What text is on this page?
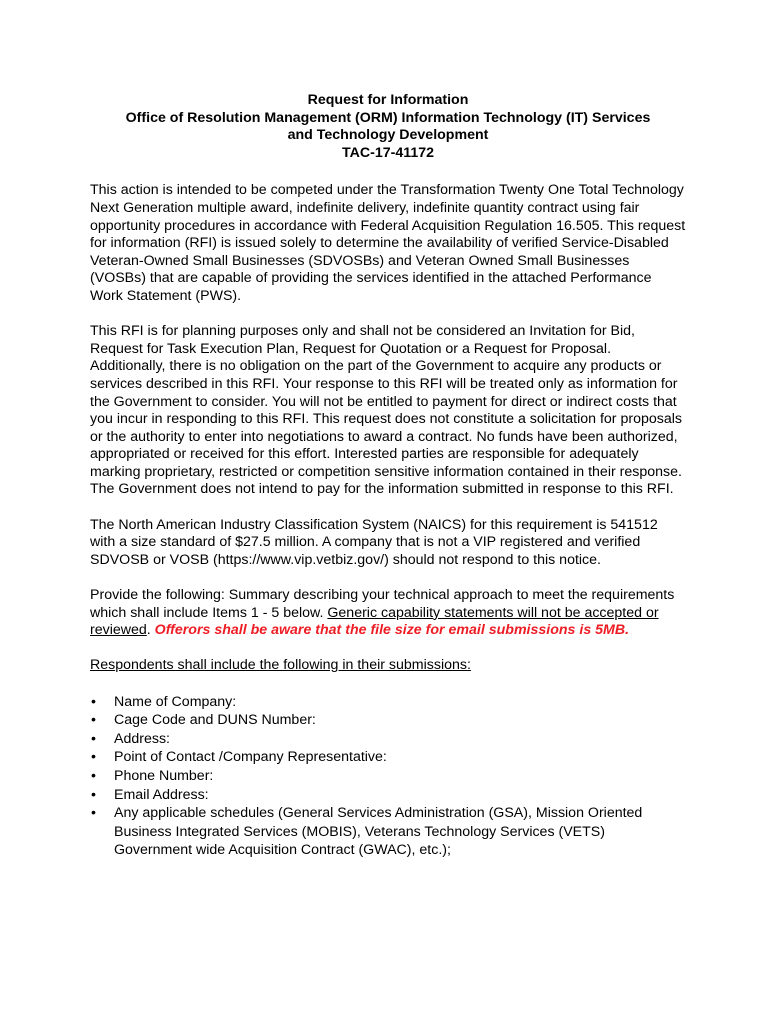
Request for Information
Office of Resolution Management (ORM) Information Technology (IT) Services
and Technology Development
TAC-17-41172

This action is intended to be competed under the Transformation Twenty One Total Technology Next Generation multiple award, indefinite delivery, indefinite quantity contract using fair opportunity procedures in accordance with Federal Acquisition Regulation 16.505. This request for information (RFI) is issued solely to determine the availability of verified Service-Disabled Veteran-Owned Small Businesses (SDVOSBs) and Veteran Owned Small Businesses (VOSBs) that are capable of providing the services identified in the attached Performance Work Statement (PWS).

This RFI is for planning purposes only and shall not be considered an Invitation for Bid, Request for Task Execution Plan, Request for Quotation or a Request for Proposal. Additionally, there is no obligation on the part of the Government to acquire any products or services described in this RFI. Your response to this RFI will be treated only as information for the Government to consider. You will not be entitled to payment for direct or indirect costs that you incur in responding to this RFI. This request does not constitute a solicitation for proposals or the authority to enter into negotiations to award a contract. No funds have been authorized, appropriated or received for this effort. Interested parties are responsible for adequately marking proprietary, restricted or competition sensitive information contained in their response. The Government does not intend to pay for the information submitted in response to this RFI.

The North American Industry Classification System (NAICS) for this requirement is 541512 with a size standard of $27.5 million. A company that is not a VIP registered and verified SDVOSB or VOSB (https://www.vip.vetbiz.gov/) should not respond to this notice.

Provide the following: Summary describing your technical approach to meet the requirements which shall include Items 1 - 5 below. Generic capability statements will not be accepted or reviewed. Offerors shall be aware that the file size for email submissions is 5MB.

Respondents shall include the following in their submissions:

•	Name of Company:
•	Cage Code and DUNS Number:
•	Address:
•	Point of Contact /Company Representative:
•	Phone Number:
•	Email Address:
•	Any applicable schedules (General Services Administration (GSA), Mission Oriented Business Integrated Services (MOBIS), Veterans Technology Services (VETS) Government wide Acquisition Contract (GWAC), etc.);
